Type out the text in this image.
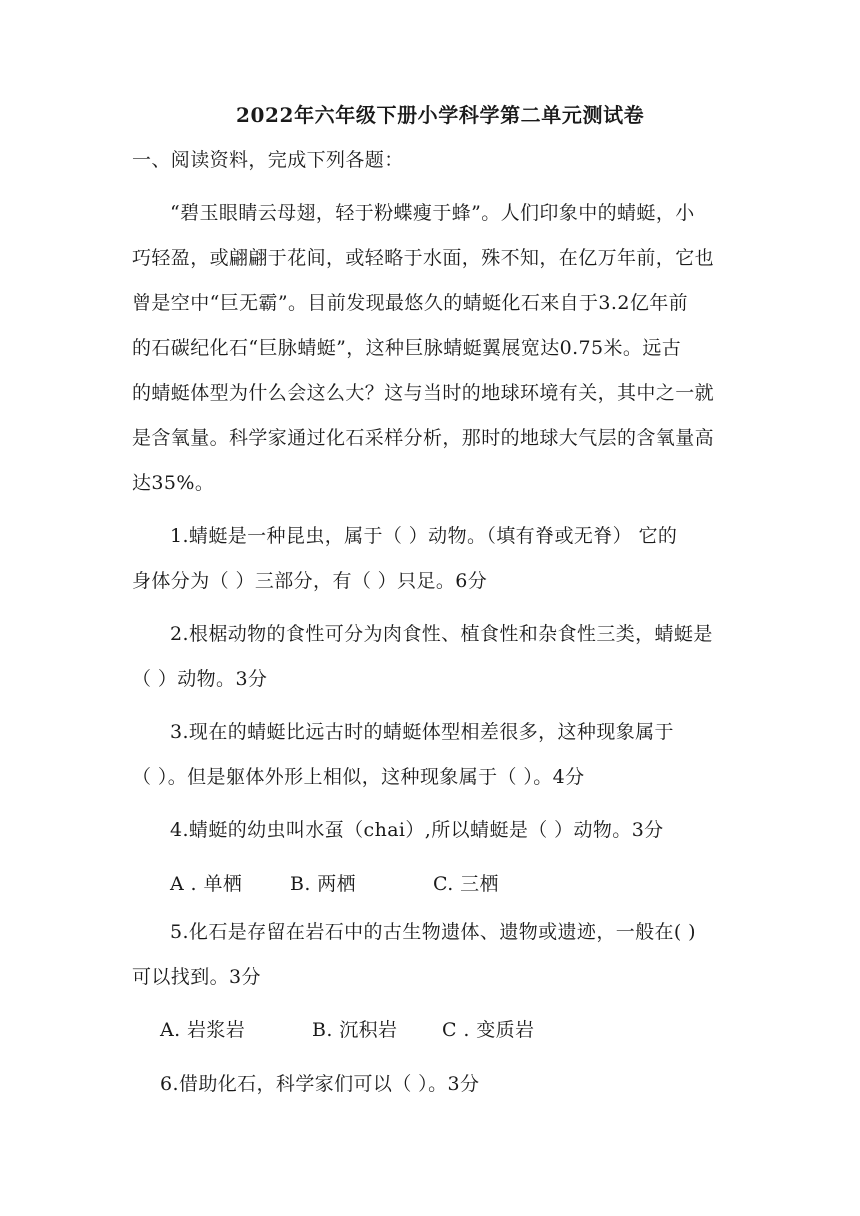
2022年六年级下册小学科学第二单元测试卷
一、阅读资料，完成下列各题：
“碧玉眼睛云母翅，轻于粉蝶瘦于蜂”。人们印象中的蜻蜓，小
巧轻盈，或翩翩于花间，或轻略于水面，殊不知，在亿万年前，它也
曾是空中“巨无霸”。目前发现最悠久的蜻蜓化石来自于3.2亿年前
的石碳纪化石“巨脉蜻蜓”，这种巨脉蜻蜓翼展宽达0.75米。远古
的蜻蜓体型为什么会这么大？这与当时的地球环境有关，其中之一就
是含氧量。科学家通过化石采样分析，那时的地球大气层的含氧量高
达35%。
1.蜻蜓是一种昆虫，属于（ ）动物。（填有脊或无脊） 它的
身体分为（ ）三部分，有（ ）只足。6分
2.根椐动物的食性可分为肉食性、植食性和杂食性三类，蜻蜓是
（ ）动物。3分
3.现在的蜻蜓比远古时的蜻蜓体型相差很多，这种现象属于
（ ）。但是躯体外形上相似，这种现象属于（ ）。4分
4.蜻蜓的幼虫叫水虿（chai）,所以蜻蜓是（ ）动物。3分
A . 单栖	B. 两栖	C. 三栖
5.化石是存留在岩石中的古生物遗体、遗物或遗迹，一般在( )
可以找到。3分
A. 岩浆岩	B. 沉积岩 C . 变质岩
6.借助化石，科学家们可以（ ）。3分
